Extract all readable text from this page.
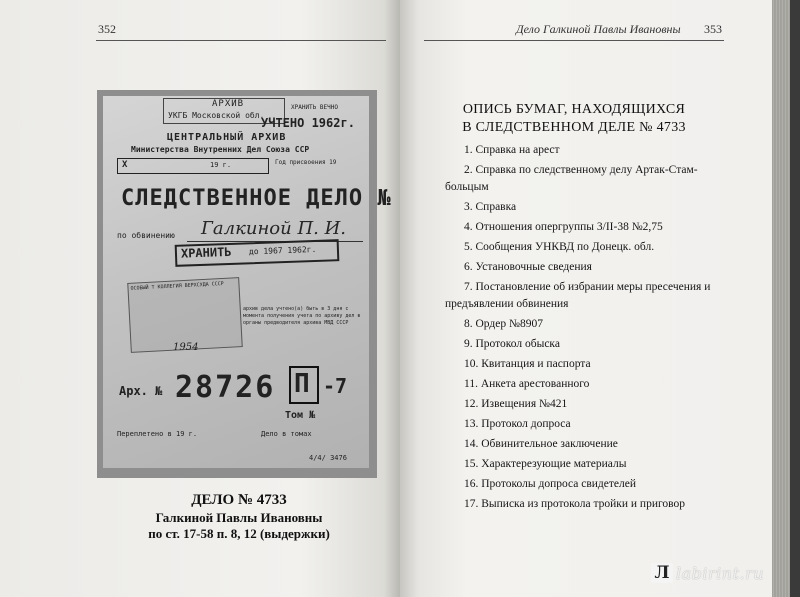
352
АРХИВ
УКГБ Московской обл.
ХРАНИТЬ ВЕЧНО
УЧТЕНО 1962г.
ЦЕНТРАЛЬНЫЙ АРХИВ
Министерства Внутренних Дел Союза ССР
Х	19 г.	Год присвоения 19
СЛЕДСТВЕННОЕ ДЕЛО №
по обвинению Галкиной П. И.
ХРАНИТЬ до 1967 1962г.
ОСОБЫЙ Т КОЛЛЕГИЯ ВЕРХСУДА СССР
архив дела учтено(а) быть в 3 дня с момента получения учета по архиву дел в органы предводителя архива МВД СССР
1954
Арх. № 28726 П -7
Том №
Переплетено в 19 г.	Дело в томах
4/4/ 3476
ДЕЛО № 4733
Галкиной Павлы Ивановны
по ст. 17-58 п. 8, 12 (выдержки)
Дело Галкиной Павлы Ивановны 353
ОПИСЬ БУМАГ, НАХОДЯЩИХСЯ
В СЛЕДСТВЕННОМ ДЕЛЕ № 4733
1. Справка на арест
2. Справка по следственному делу Артак-Стам-
больцым
3. Справка
4. Отношения опергруппы 3/II-38 №2,75
5. Сообщения УНКВД по Донецк. обл.
6. Установочные сведения
7. Постановление об избрании меры пресечения и
предъявлении обвинения
8. Ордер №8907
9. Протокол обыска
10. Квитанция и паспорта
11. Анкета арестованного
12. Извещения №421
13. Протокол допроса
14. Обвинительное заключение
15. Характерезующие материалы
16. Протоколы допроса свидетелей
17. Выписка из протокола тройки и приговор
Л labirint.ru
